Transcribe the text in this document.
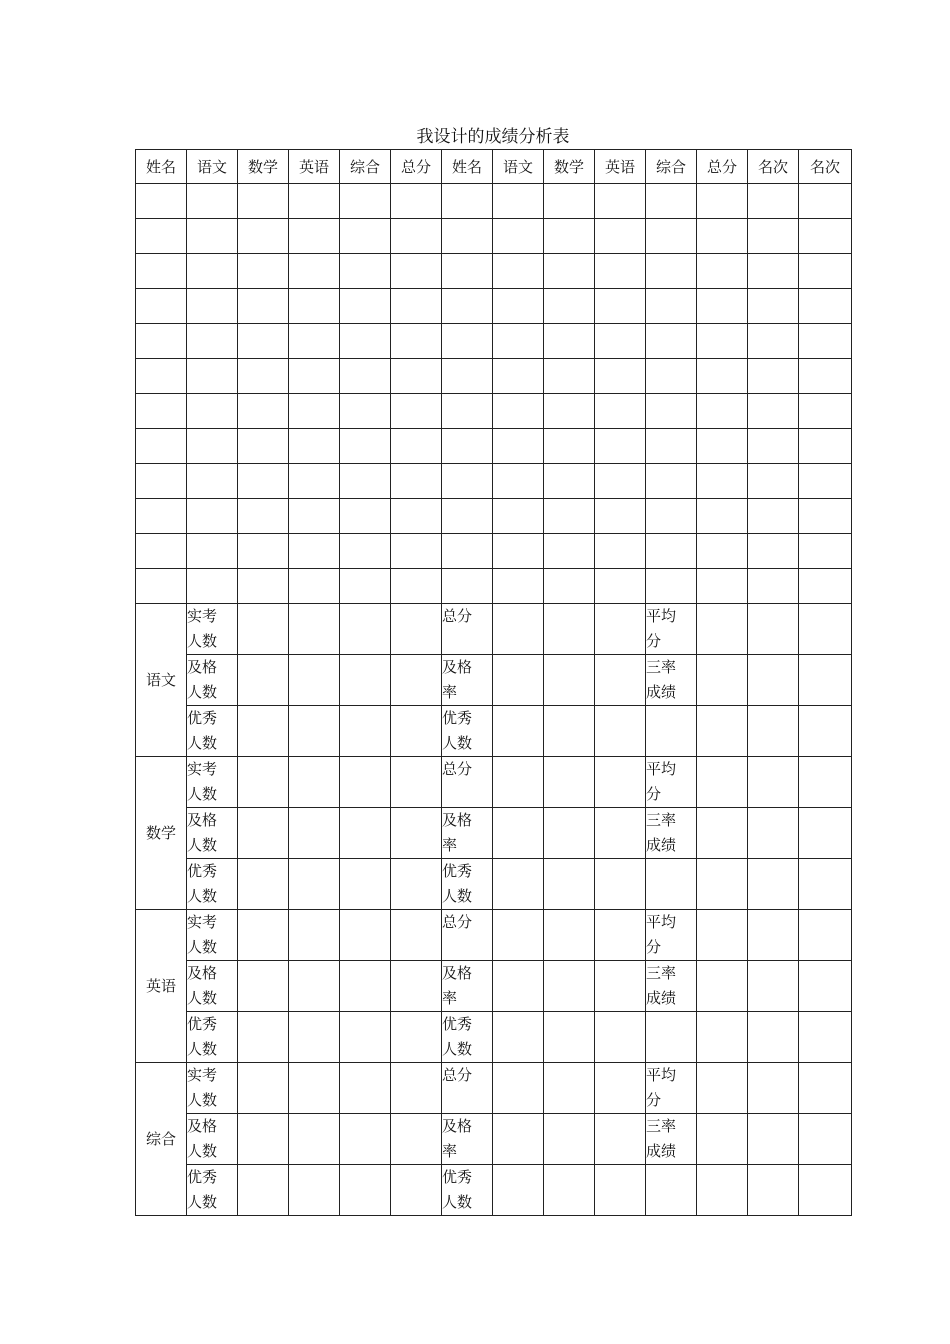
我设计的成绩分析表
姓名	语文	数学	英语	综合	总分	姓名	语文	数学	英语	综合	总分	名次	名次

语文	实考人数					总分				平均分			

	及格人数					及格率				三率成绩			

	优秀人数					优秀人数							

数学	实考人数					总分				平均分			

	及格人数					及格率				三率成绩			

	优秀人数					优秀人数							

英语	实考人数					总分				平均分			

	及格人数					及格率				三率成绩			

	优秀人数					优秀人数							

综合	实考人数					总分				平均分			

	及格人数					及格率				三率成绩			

	优秀人数					优秀人数							
